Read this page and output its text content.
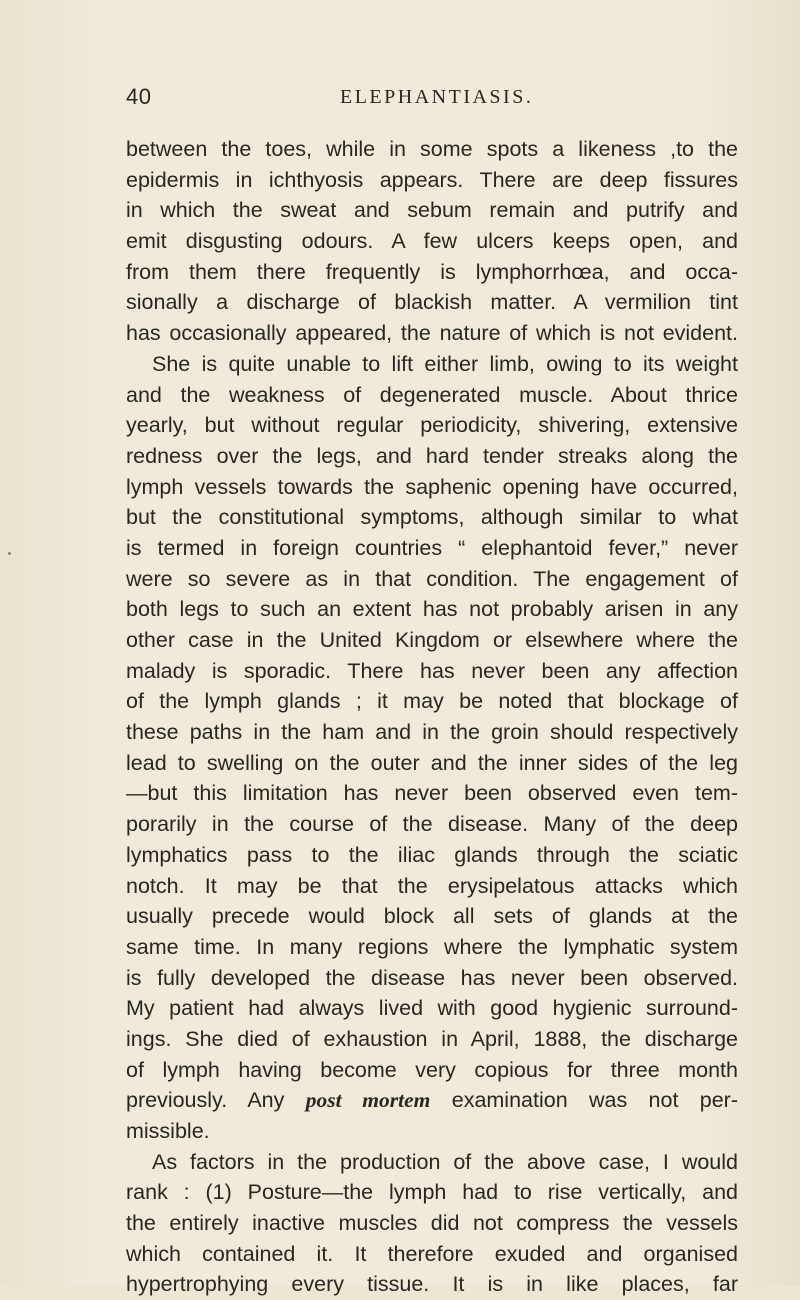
40	ELEPHANTIASIS.
between the toes, while in some spots a likeness ,to the
epidermis in ichthyosis appears. There are deep fissures
in which the sweat and sebum remain and putrify and
emit disgusting odours. A few ulcers keeps open, and
from them there frequently is lymphorrhœa, and occa-
sionally a discharge of blackish matter. A vermilion tint
has occasionally appeared, the nature of which is not evident.
She is quite unable to lift either limb, owing to its weight
and the weakness of degenerated muscle. About thrice
yearly, but without regular periodicity, shivering, extensive
redness over the legs, and hard tender streaks along the
lymph vessels towards the saphenic opening have occurred,
but the constitutional symptoms, although similar to what
is termed in foreign countries “ elephantoid fever,” never
were so severe as in that condition. The engagement of
both legs to such an extent has not probably arisen in any
other case in the United Kingdom or elsewhere where the
malady is sporadic. There has never been any affection
of the lymph glands ; it may be noted that blockage of
these paths in the ham and in the groin should respectively
lead to swelling on the outer and the inner sides of the leg
—but this limitation has never been observed even tem-
porarily in the course of the disease. Many of the deep
lymphatics pass to the iliac glands through the sciatic
notch. It may be that the erysipelatous attacks which
usually precede would block all sets of glands at the
same time. In many regions where the lymphatic system
is fully developed the disease has never been observed.
My patient had always lived with good hygienic surround-
ings. She died of exhaustion in April, 1888, the discharge
of lymph having become very copious for three month
previously. Any post mortem examination was not per-
missible.
As factors in the production of the above case, I would
rank : (1) Posture—the lymph had to rise vertically, and
the entirely inactive muscles did not compress the vessels
which contained it. It therefore exuded and organised
hypertrophying every tissue. It is in like places, far
